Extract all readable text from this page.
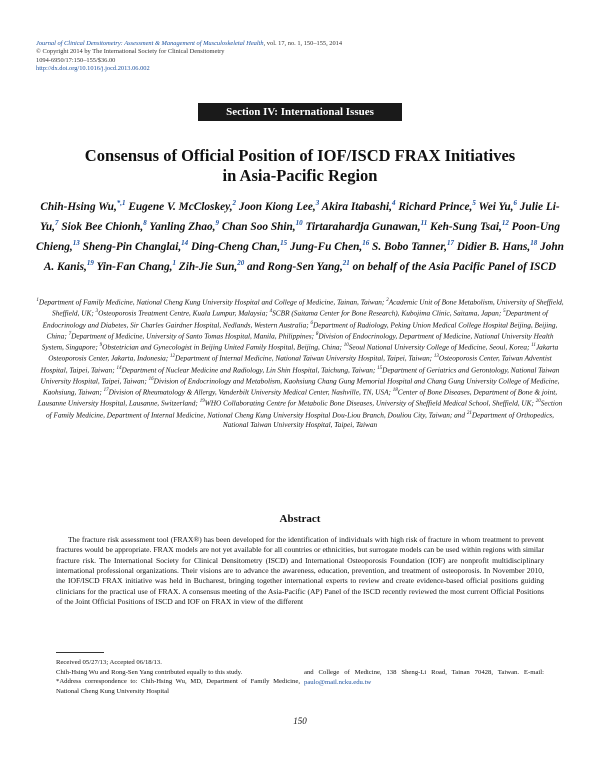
Journal of Clinical Densitometry: Assessment & Management of Musculoskeletal Health, vol. 17, no. 1, 150–155, 2014
© Copyright 2014 by The International Society for Clinical Densitometry
1094-6950/17:150–155/$36.00
http://dx.doi.org/10.1016/j.jocd.2013.06.002
Section IV: International Issues
Consensus of Official Position of IOF/ISCD FRAX Initiatives
in Asia-Pacific Region
Chih-Hsing Wu,$^{*,1}$ Eugene V. McCloskey,$^2$ Joon Kiong Lee,$^3$ Akira Itabashi,$^4$ Richard Prince,$^5$ Wei Yu,$^6$ Julie Li-Yu,$^7$ Siok Bee Chionh,$^8$ Yanling Zhao,$^9$ Chan Soo Shin,$^{10}$ Tirtarahardja Gunawan,$^{11}$ Keh-Sung Tsai,$^{12}$ Poon-Ung Chieng,$^{13}$ Sheng-Pin Changlai,$^{14}$ Ding-Cheng Chan,$^{15}$ Jung-Fu Chen,$^{16}$ S. Bobo Tanner,$^{17}$ Didier B. Hans,$^{18}$ John A. Kanis,$^{19}$ Yin-Fan Chang,$^1$ Zih-Jie Sun,$^{20}$ and Rong-Sen Yang,$^{21}$ on behalf of the Asia Pacific Panel of ISCD
$^1$Department of Family Medicine, National Cheng Kung University Hospital and College of Medicine, Tainan, Taiwan; $^2$Academic Unit of Bone Metabolism, University of Sheffield, Sheffield, UK; $^3$Osteoporosis Treatment Centre, Kuala Lumpur, Malaysia; $^4$SCBR (Saitama Center for Bone Research), Kubojima Clinic, Saitama, Japan; $^5$Department of Endocrinology and Diabetes, Sir Charles Gairdner Hospital, Nedlands, Western Australia; $^6$Department of Radiology, Peking Union Medical College Hospital Beijing, Beijing, China; $^7$Department of Medicine, University of Santo Tomas Hospital, Manila, Philippines; $^8$Division of Endocrinology, Department of Medicine, National University Health System, Singapore; $^9$Obstetrician and Gynecologist in Beijing United Family Hospital, Beijing, China; $^{10}$Seoul National University College of Medicine, Seoul, Korea; $^{11}$Jakarta Osteoporosis Center, Jakarta, Indonesia; $^{12}$Department of Internal Medicine, National Taiwan University Hospital, Taipei, Taiwan; $^{13}$Osteoporosis Center, Taiwan Adventist Hospital, Taipei, Taiwan; $^{14}$Department of Nuclear Medicine and Radiology, Lin Shin Hospital, Taichung, Taiwan; $^{15}$Department of Geriatrics and Gerontology, National Taiwan University Hospital, Taipei, Taiwan; $^{16}$Division of Endocrinology and Metabolism, Kaohsiung Chang Gung Memorial Hospital and Chang Gung University College of Medicine, Kaohsiung, Taiwan; $^{17}$Division of Rheumatology & Allergy, Vanderbilt University Medical Center, Nashville, TN, USA; $^{18}$Center of Bone Diseases, Department of Bone & joint, Lausanne University Hospital, Lausanne, Switzerland; $^{19}$WHO Collaborating Centre for Metabolic Bone Diseases, University of Sheffield Medical School, Sheffield, UK; $^{20}$Section of Family Medicine, Department of Internal Medicine, National Cheng Kung University Hospital Dou-Liou Branch, Douliou City, Taiwan; and $^{21}$Department of Orthopedics, National Taiwan University Hospital, Taipei, Taiwan
Abstract

The fracture risk assessment tool (FRAX®) has been developed for the identification of individuals with high risk of fracture in whom treatment to prevent fractures would be appropriate. FRAX models are not yet available for all countries or ethnicities, but surrogate models can be used within regions with similar fracture risk. The International Society for Clinical Densitometry (ISCD) and International Osteoporosis Foundation (IOF) are nonprofit multidisciplinary international professional organizations. Their visions are to advance the awareness, education, prevention, and treatment of osteoporosis. In November 2010, the IOF/ISCD FRAX initiative was held in Bucharest, bringing together international experts to review and create evidence-based official positions guiding clinicians for the practical use of FRAX. A consensus meeting of the Asia-Pacific (AP) Panel of the ISCD recently reviewed the most current Official Positions of the Joint Official Positions of ISCD and IOF on FRAX in view of the different

Received 05/27/13; Accepted 06/18/13.

Chih-Hsing Wu and Rong-Sen Yang contributed equally to this study.

*Address correspondence to: Chih-Hsing Wu, MD, Department of Family Medicine, National Cheng Kung University Hospital

and College of Medicine, 138 Sheng-Li Road, Tainan 70428, Taiwan. E-mail: paulo@mail.ncku.edu.tw
150
